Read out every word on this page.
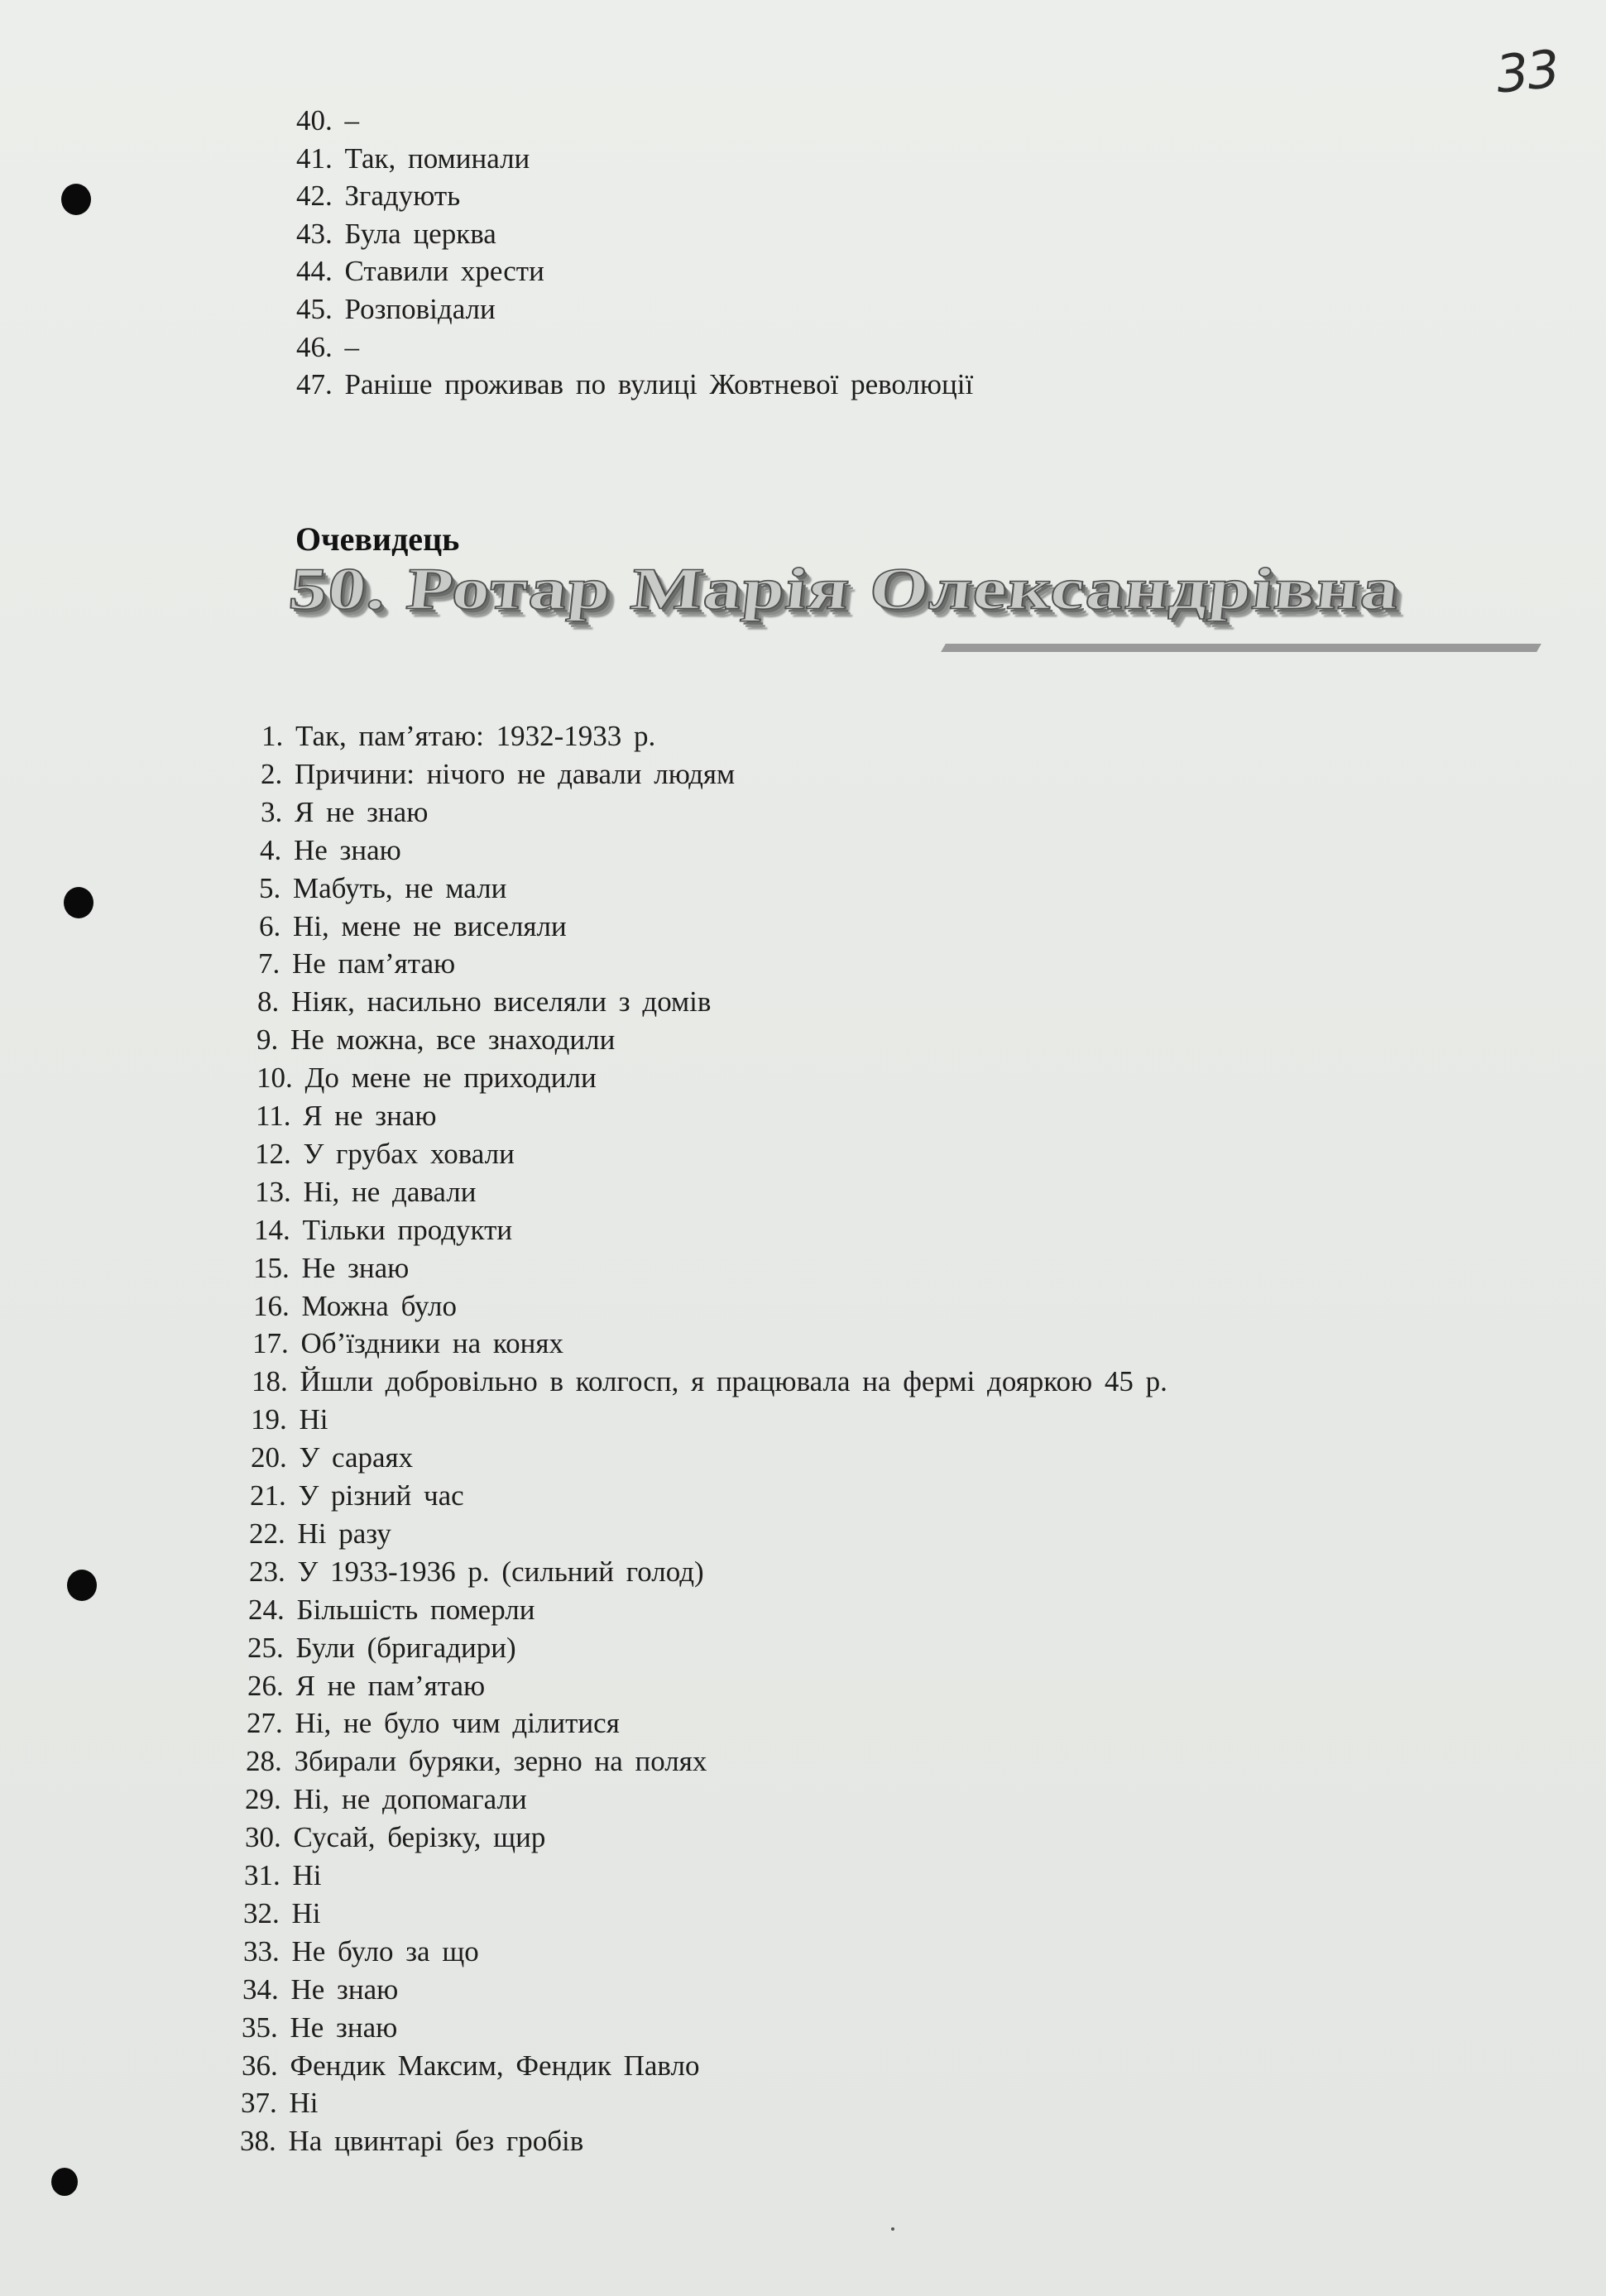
33
40. –
41. Так, поминали
42. Згадують
43. Була церква
44. Ставили хрести
45. Розповідали
46. –
47. Раніше проживав по вулиці Жовтневої революції
Очевидець
50. Ротар Марія Олександрівна
1. Так, пам’ятаю: 1932-1933 р.
2. Причини: нічого не давали людям
3. Я не знаю
4. Не знаю
5. Мабуть, не мали
6. Ні, мене не виселяли
7. Не пам’ятаю
8. Ніяк, насильно виселяли з домів
9. Не можна, все знаходили
10. До мене не приходили
11. Я не знаю
12. У грубах ховали
13. Ні, не давали
14. Тільки продукти
15. Не знаю
16. Можна було
17. Об’їздники на конях
18. Йшли добровільно в колгосп, я працювала на фермі дояркою 45 р.
19. Ні
20. У сараях
21. У різний час
22. Ні разу
23. У 1933-1936 р. (сильний голод)
24. Більшість померли
25. Були (бригадири)
26. Я не пам’ятаю
27. Ні, не було чим ділитися
28. Збирали буряки, зерно на полях
29. Ні, не допомагали
30. Сусай, берізку, щир
31. Ні
32. Ні
33. Не було за що
34. Не знаю
35. Не знаю
36. Фендик Максим, Фендик Павло
37. Ні
38. На цвинтарі без гробів
